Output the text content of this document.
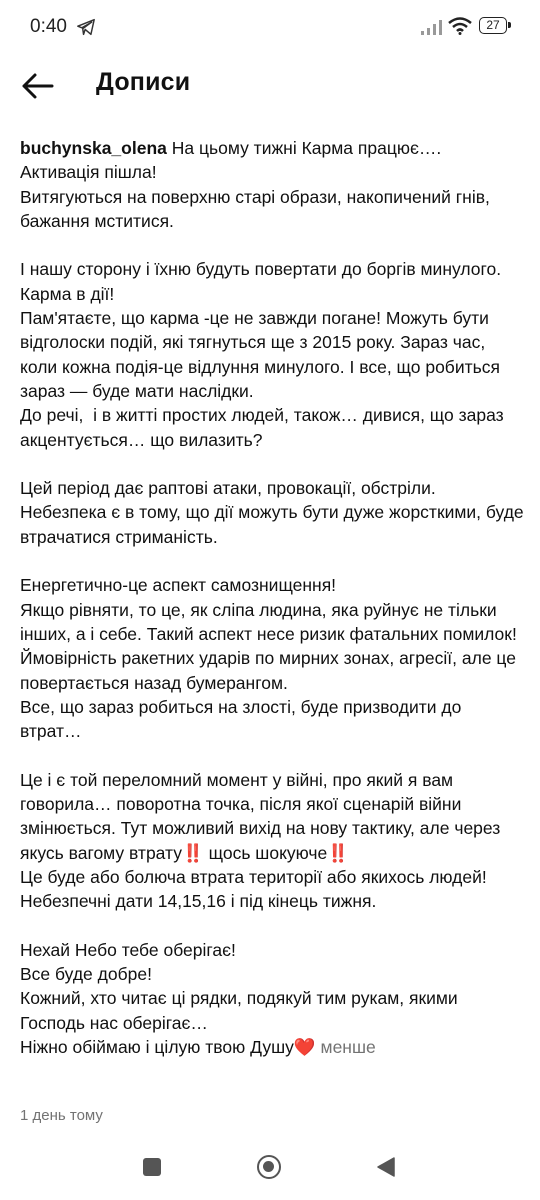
0:40	27
Дописи
buchynska_olena На цьому тижні Карма працює….
Активація пішла!
Витягуються на поверхню старі образи, накопичений гнів, бажання мститися.

І нашу сторону і їхню будуть повертати до боргів минулого. Карма в дії!
Пам'ятаєте, що карма -це не завжди погане! Можуть бути відголоски подій, які тягнуться ще з 2015 року. Зараз час, коли кожна подія-це відлуння минулого. І все, що робиться зараз — буде мати наслідки.
До речі,  і в житті простих людей, також… дивися, що зараз акцентується… що вилазить?

Цей період дає раптові атаки, провокації, обстріли. Небезпека є в тому, що дії можуть бути дуже жорсткими, буде втрачатися стриманість.

Енергетично-це аспект самознищення!
Якщо рівняти, то це, як сліпа людина, яка руйнує не тільки інших, а і себе. Такий аспект несе ризик фатальних помилок! Ймовірність ракетних ударів по мирних зонах, агресії, але це повертається назад бумерангом.
Все, що зараз робиться на злості, буде призводити до втрат…

Це і є той переломний момент у війні, про який я вам говорила… поворотна точка, після якої сценарій війни змінюється. Тут можливий вихід на нову тактику, але через якусь вагому втрату‼️ щось шокуюче‼️
Це буде або болюча втрата території або якихось людей!
Небезпечні дати 14,15,16 і під кінець тижня.

Нехай Небо тебе оберігає!
Все буде добре!
Кожний, хто читає ці рядки, подякуй тим рукам, якими Господь нас оберігає…
Ніжно обіймаю і цілую твою Душу❤️ менше
1 день тому
